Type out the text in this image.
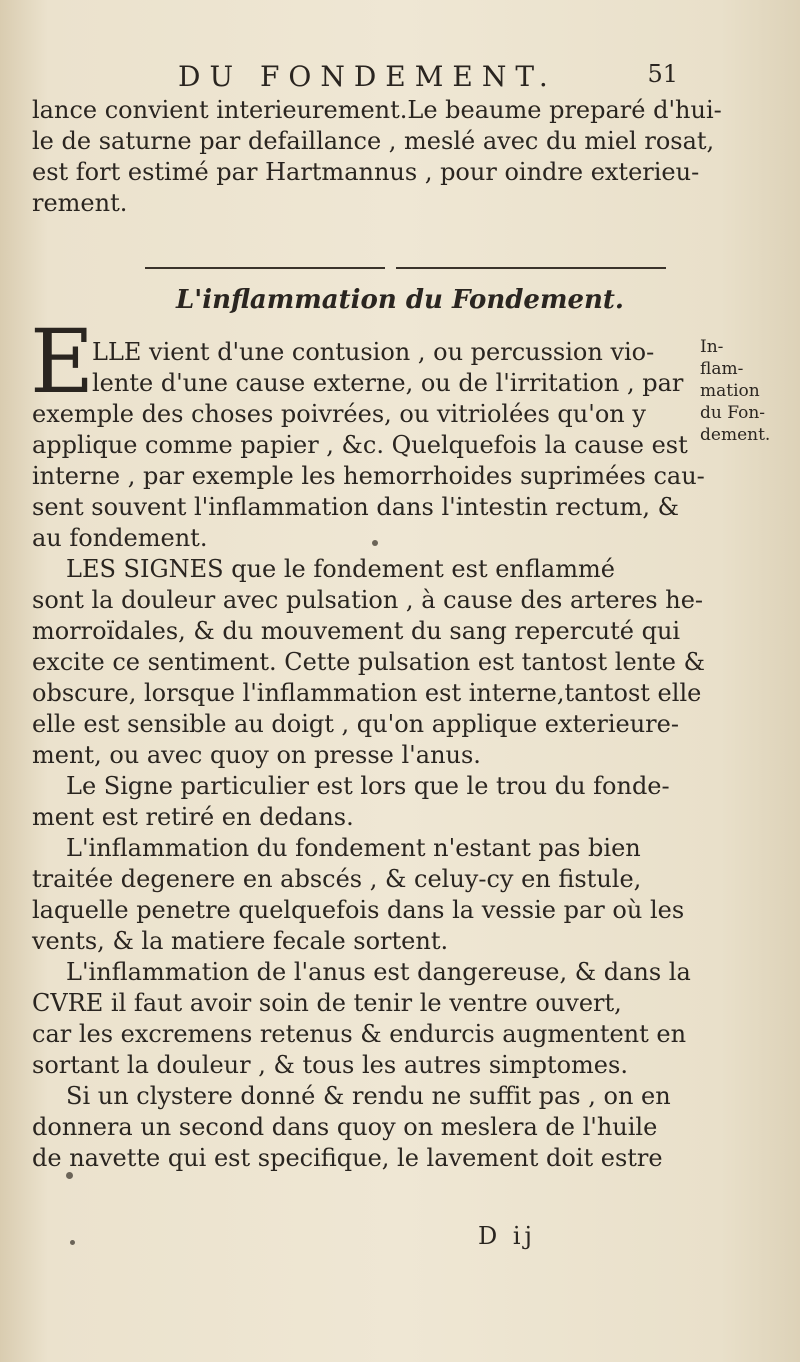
DU FONDEMENT.	51
lance convient interieurement.Le beaume preparé d'hui-
le de saturne par defaillance , meslé avec du miel rosat,
est fort estimé par Hartmannus , pour oindre exterieu-
rement.
L'inflammation du Fondement.
E
LLE vient d'une contusion , ou percussion vio-
lente d'une cause externe, ou de l'irritation , par
exemple des choses poivrées, ou vitriolées qu'on y
applique comme papier , &c. Quelquefois la cause est
interne , par exemple les hemorrhoides suprimées cau-
sent souvent l'inflammation dans l'intestin rectum, &
au fondement.
LES SIGNES que le fondement est enflammé
sont la douleur avec pulsation , à cause des arteres he-
morroïdales, & du mouvement du sang repercuté qui
excite ce sentiment. Cette pulsation est tantost lente &
obscure, lorsque l'inflammation est interne,tantost elle
elle est sensible au doigt , qu'on applique exterieure-
ment, ou avec quoy on presse l'anus.
Le Signe particulier est lors que le trou du fonde-
ment est retiré en dedans.
L'inflammation du fondement n'estant pas bien
traitée degenere en abscés , & celuy-cy en fistule,
laquelle penetre quelquefois dans la vessie par où les
vents, & la matiere fecale sortent.
L'inflammation de l'anus est dangereuse, & dans la
CVRE il faut avoir soin de tenir le ventre ouvert,
car les excremens retenus & endurcis augmentent en
sortant la douleur , & tous les autres simptomes.
Si un clystere donné & rendu ne suffit pas , on en
donnera un second dans quoy on meslera de l'huile
de navette qui est specifique, le lavement doit estre
In-
flam-
mation
du Fon-
dement.
D ij
